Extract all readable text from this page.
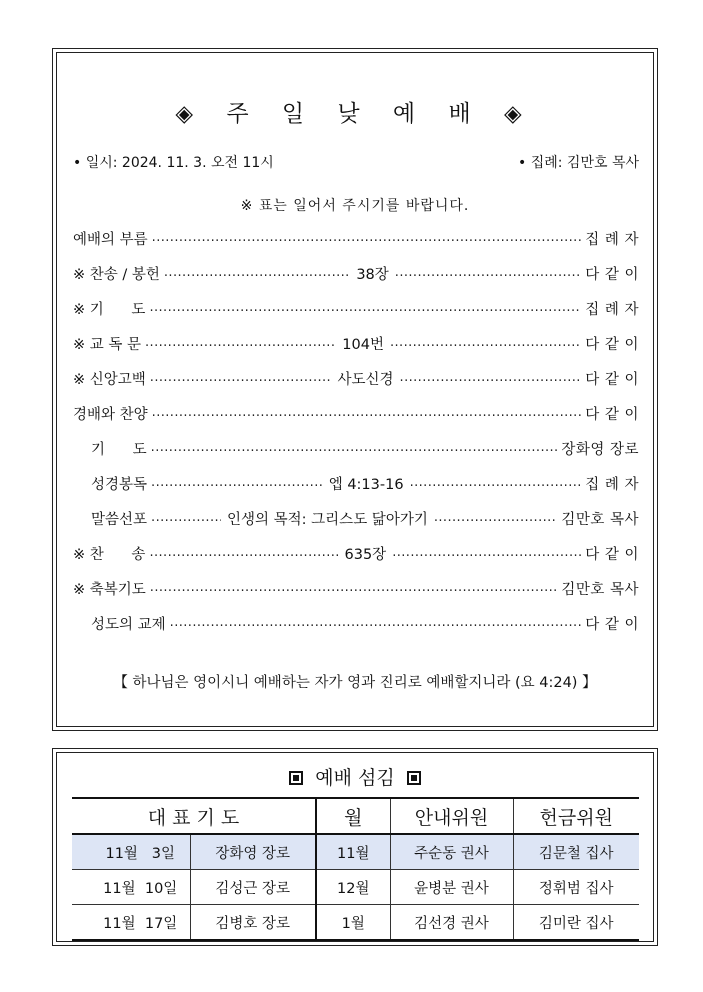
◈ 주 일 낮 예 배 ◈
• 일시: 2024. 11. 3. 오전 11시	• 집례: 김만호 목사
※ 표는 일어서 주시기를 바랍니다.
예배의 부름 .....	집 례 자
※ 찬송 / 봉헌 .....	38장 .....	다 같 이
※ 기      도 .....	집 례 자
※ 교 독 문 .....	104번 .....	다 같 이
※ 신앙고백 .....	사도신경 .....	다 같 이
경배와 찬양 .....	다 같 이
기      도 .....	장화영 장로
성경봉독 .....	엡 4:13-16 .....	집 례 자
말씀선포 .....	인생의 목적: 그리스도 닮아가기 .....	김만호 목사
※ 찬      송 .....	635장 .....	다 같 이
※ 축복기도 .....	김만호 목사
성도의 교제 .....	다 같 이
【 하나님은 영이시니 예배하는 자가 영과 진리로 예배할지니라 (요 4:24) 】
예배 섬김
대 표 기 도		월	안내위원	헌금위원
11월   3일	장화영 장로	11월	주순동 권사	김문철 집사
11월  10일	김성근 장로	12월	윤병분 권사	정휘범 집사
11월  17일	김병호 장로	1월	김선경 권사	김미란 집사
